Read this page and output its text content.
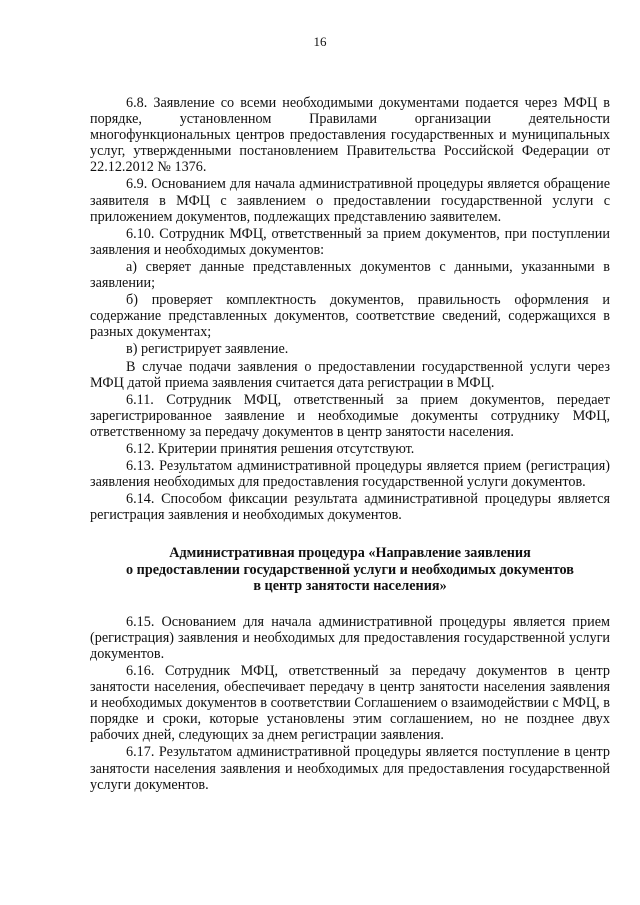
16

6.8. Заявление со всеми необходимыми документами подается через МФЦ в порядке, установленном Правилами организации деятельности многофункциональных центров предоставления государственных и муниципальных услуг, утвержденными постановлением Правительства Российской Федерации от 22.12.2012 № 1376.

6.9. Основанием для начала административной процедуры является обращение заявителя в МФЦ с заявлением о предоставлении государственной услуги с приложением документов, подлежащих представлению заявителем.

6.10. Сотрудник МФЦ, ответственный за прием документов, при поступлении заявления и необходимых документов:

а) сверяет данные представленных документов с данными, указанными в заявлении;

б) проверяет комплектность документов, правильность оформления и содержание представленных документов, соответствие сведений, содержащихся в разных документах;

в) регистрирует заявление.

В случае подачи заявления о предоставлении государственной услуги через МФЦ датой приема заявления считается дата регистрации в МФЦ.

6.11. Сотрудник МФЦ, ответственный за прием документов, передает зарегистрированное заявление и необходимые документы сотруднику МФЦ, ответственному за передачу документов в центр занятости населения.

6.12. Критерии принятия решения отсутствуют.

6.13. Результатом административной процедуры является прием (регистрация) заявления необходимых для предоставления государственной услуги документов.

6.14. Способом фиксации результата административной процедуры является регистрация заявления и необходимых документов.

Административная процедура «Направление заявления
о предоставлении государственной услуги и необходимых документов
в центр занятости населения»

6.15. Основанием для начала административной процедуры является прием (регистрация) заявления и необходимых для предоставления государственной услуги документов.

6.16. Сотрудник МФЦ, ответственный за передачу документов в центр занятости населения, обеспечивает передачу в центр занятости населения заявления и необходимых документов в соответствии Соглашением о взаимодействии с МФЦ, в порядке и сроки, которые установлены этим соглашением, но не позднее двух рабочих дней, следующих за днем регистрации заявления.

6.17. Результатом административной процедуры является поступление в центр занятости населения заявления и необходимых для предоставления государственной услуги документов.
